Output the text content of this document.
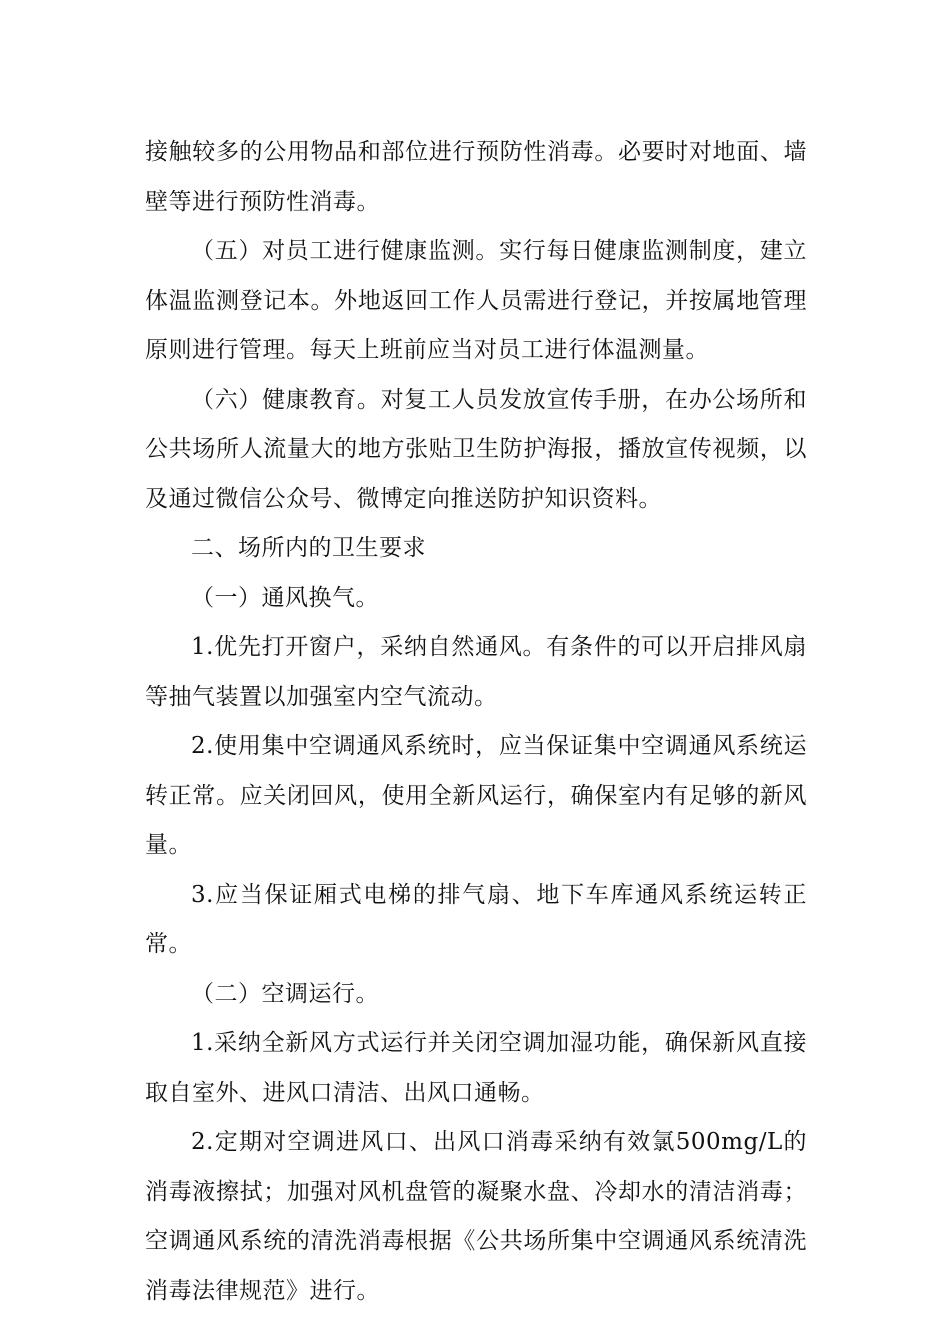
接触较多的公用物品和部位进行预防性消毒。必要时对地面、墙壁等进行预防性消毒。

（五）对员工进行健康监测。实行每日健康监测制度，建立体温监测登记本。外地返回工作人员需进行登记，并按属地管理原则进行管理。每天上班前应当对员工进行体温测量。

（六）健康教育。对复工人员发放宣传手册，在办公场所和公共场所人流量大的地方张贴卫生防护海报，播放宣传视频，以及通过微信公众号、微博定向推送防护知识资料。

二、场所内的卫生要求

（一）通风换气。

1.优先打开窗户，采纳自然通风。有条件的可以开启排风扇等抽气装置以加强室内空气流动。

2.使用集中空调通风系统时，应当保证集中空调通风系统运转正常。应关闭回风，使用全新风运行，确保室内有足够的新风量。

3.应当保证厢式电梯的排气扇、地下车库通风系统运转正常。

（二）空调运行。

1.采纳全新风方式运行并关闭空调加湿功能，确保新风直接取自室外、进风口清洁、出风口通畅。

2.定期对空调进风口、出风口消毒采纳有效氯500mg/L的消毒液擦拭；加强对风机盘管的凝聚水盘、冷却水的清洁消毒；空调通风系统的清洗消毒根据《公共场所集中空调通风系统清洗消毒法律规范》进行。
